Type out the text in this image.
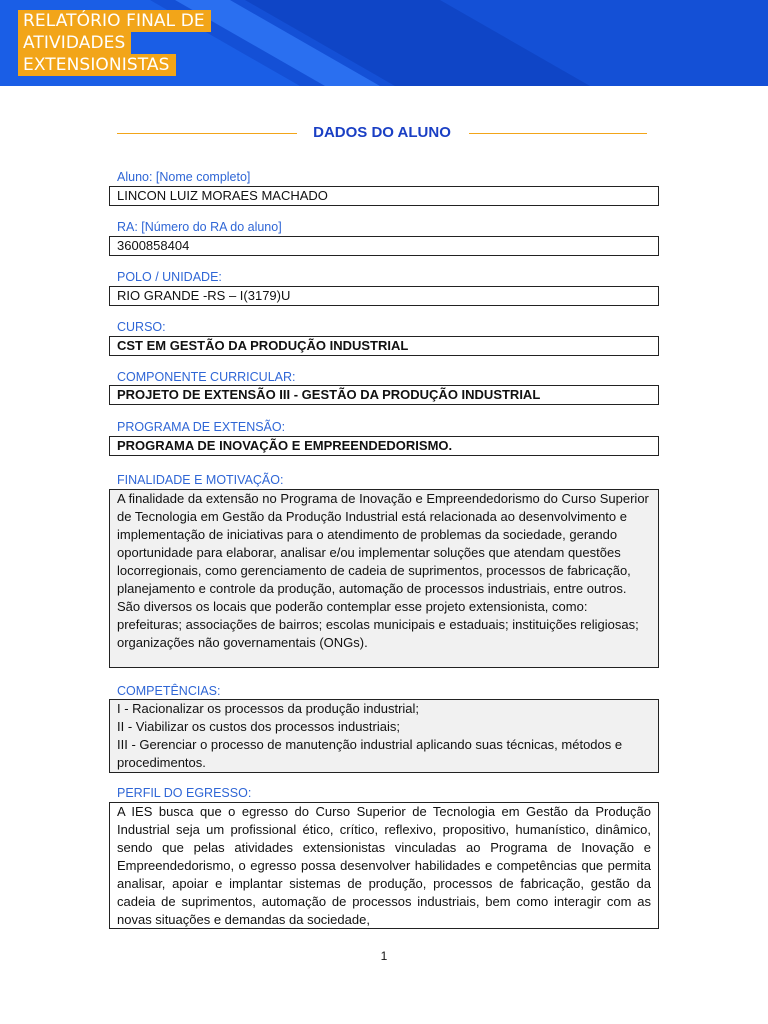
RELATÓRIO FINAL DE
ATIVIDADES
EXTENSIONISTAS
DADOS DO ALUNO
Aluno: [Nome completo]
LINCON LUIZ MORAES MACHADO
RA: [Número do RA do aluno]
3600858404
POLO / UNIDADE:
RIO GRANDE -RS – I(3179)U
CURSO:
CST EM GESTÃO DA PRODUÇÃO INDUSTRIAL
COMPONENTE CURRICULAR:
PROJETO DE EXTENSÃO III - GESTÃO DA PRODUÇÃO INDUSTRIAL
PROGRAMA DE EXTENSÃO:
PROGRAMA DE INOVAÇÃO E EMPREENDEDORISMO.
FINALIDADE E MOTIVAÇÃO:

A finalidade da extensão no Programa de Inovação e Empreendedorismo do Curso Superior de Tecnologia em Gestão da Produção Industrial está relacionada ao desenvolvimento e implementação de iniciativas para o atendimento de problemas da sociedade, gerando oportunidade para elaborar, analisar e/ou implementar soluções que atendam questões locorregionais, como gerenciamento de cadeia de suprimentos, processos de fabricação, planejamento e controle da produção, automação de processos industriais, entre outros. São diversos os locais que poderão contemplar esse projeto extensionista, como: prefeituras; associações de bairros; escolas municipais e estaduais; instituições religiosas; organizações não governamentais (ONGs).

COMPETÊNCIAS:

I - Racionalizar os processos da produção industrial;

II - Viabilizar os custos dos processos industriais;

III - Gerenciar o processo de manutenção industrial aplicando suas técnicas, métodos e procedimentos.

PERFIL DO EGRESSO:

A IES busca que o egresso do Curso Superior de Tecnologia em Gestão da Produção Industrial seja um profissional ético, crítico, reflexivo, propositivo, humanístico, dinâmico, sendo que pelas atividades extensionistas vinculadas ao Programa de Inovação e Empreendedorismo, o egresso possa desenvolver habilidades e competências que permita analisar, apoiar e implantar sistemas de produção, processos de fabricação, gestão da cadeia de suprimentos, automação de processos industriais, bem como interagir com as novas situações e demandas da sociedade,

1
